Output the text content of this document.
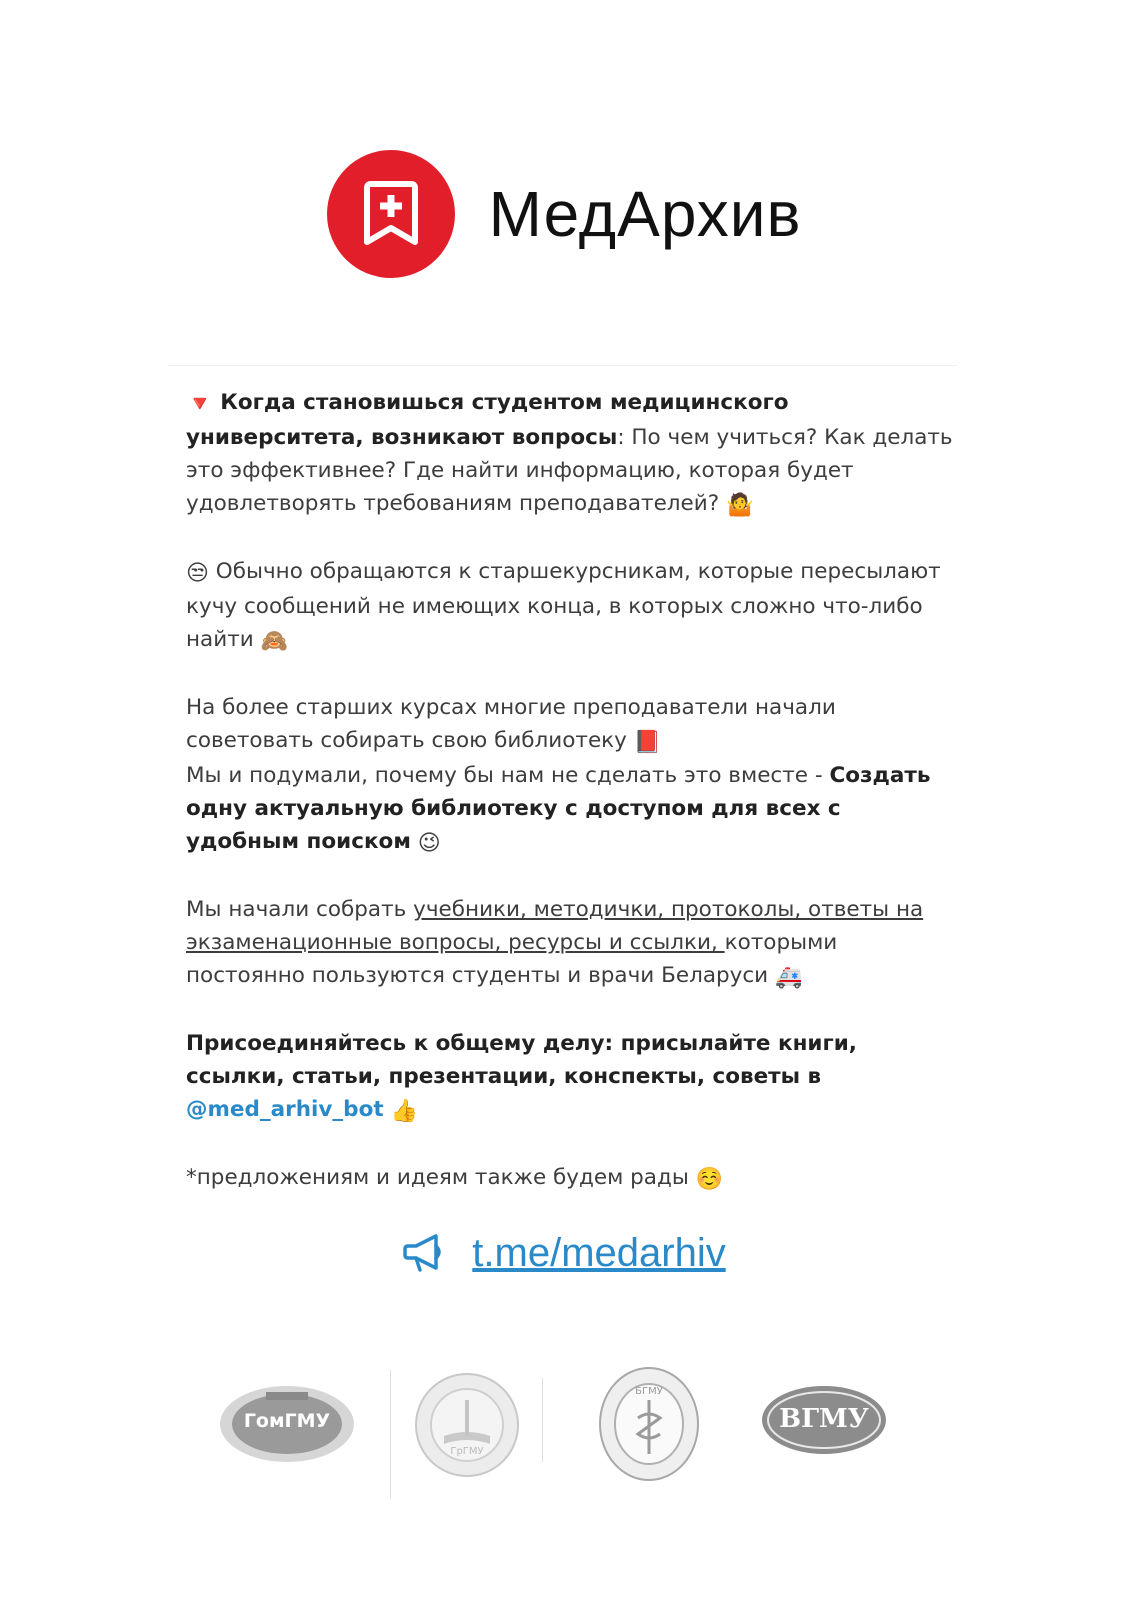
МедАрхив

🔻 Когда становишься студентом медицинского университета, возникают вопросы: По чем учиться? Как делать это эффективнее? Где найти информацию, которая будет удовлетворять требованиям преподавателей? 🤷

😒 Обычно обращаются к старшекурсникам, которые пересылают кучу сообщений не имеющих конца, в которых сложно что-либо найти 🙈

На более старших курсах многие преподаватели начали советовать собирать свою библиотеку 📕
Мы и подумали, почему бы нам не сделать это вместе - Создать одну актуальную библиотеку с доступом для всех с удобным поиском 😉

Мы начали собрать учебники, методички, протоколы, ответы на экзаменационные вопросы, ресурсы и ссылки, которыми постоянно пользуются студенты и врачи Беларуси 🚑

Присоединяйтесь к общему делу: присылайте книги, ссылки, статьи, презентации, конспекты, советы в @med_arhiv_bot 👍

*предложениям и идеям также будем рады ☺️

t.me/medarhiv
ГомГМУ
ГрГМУ
БГМУ
ВГМУ
